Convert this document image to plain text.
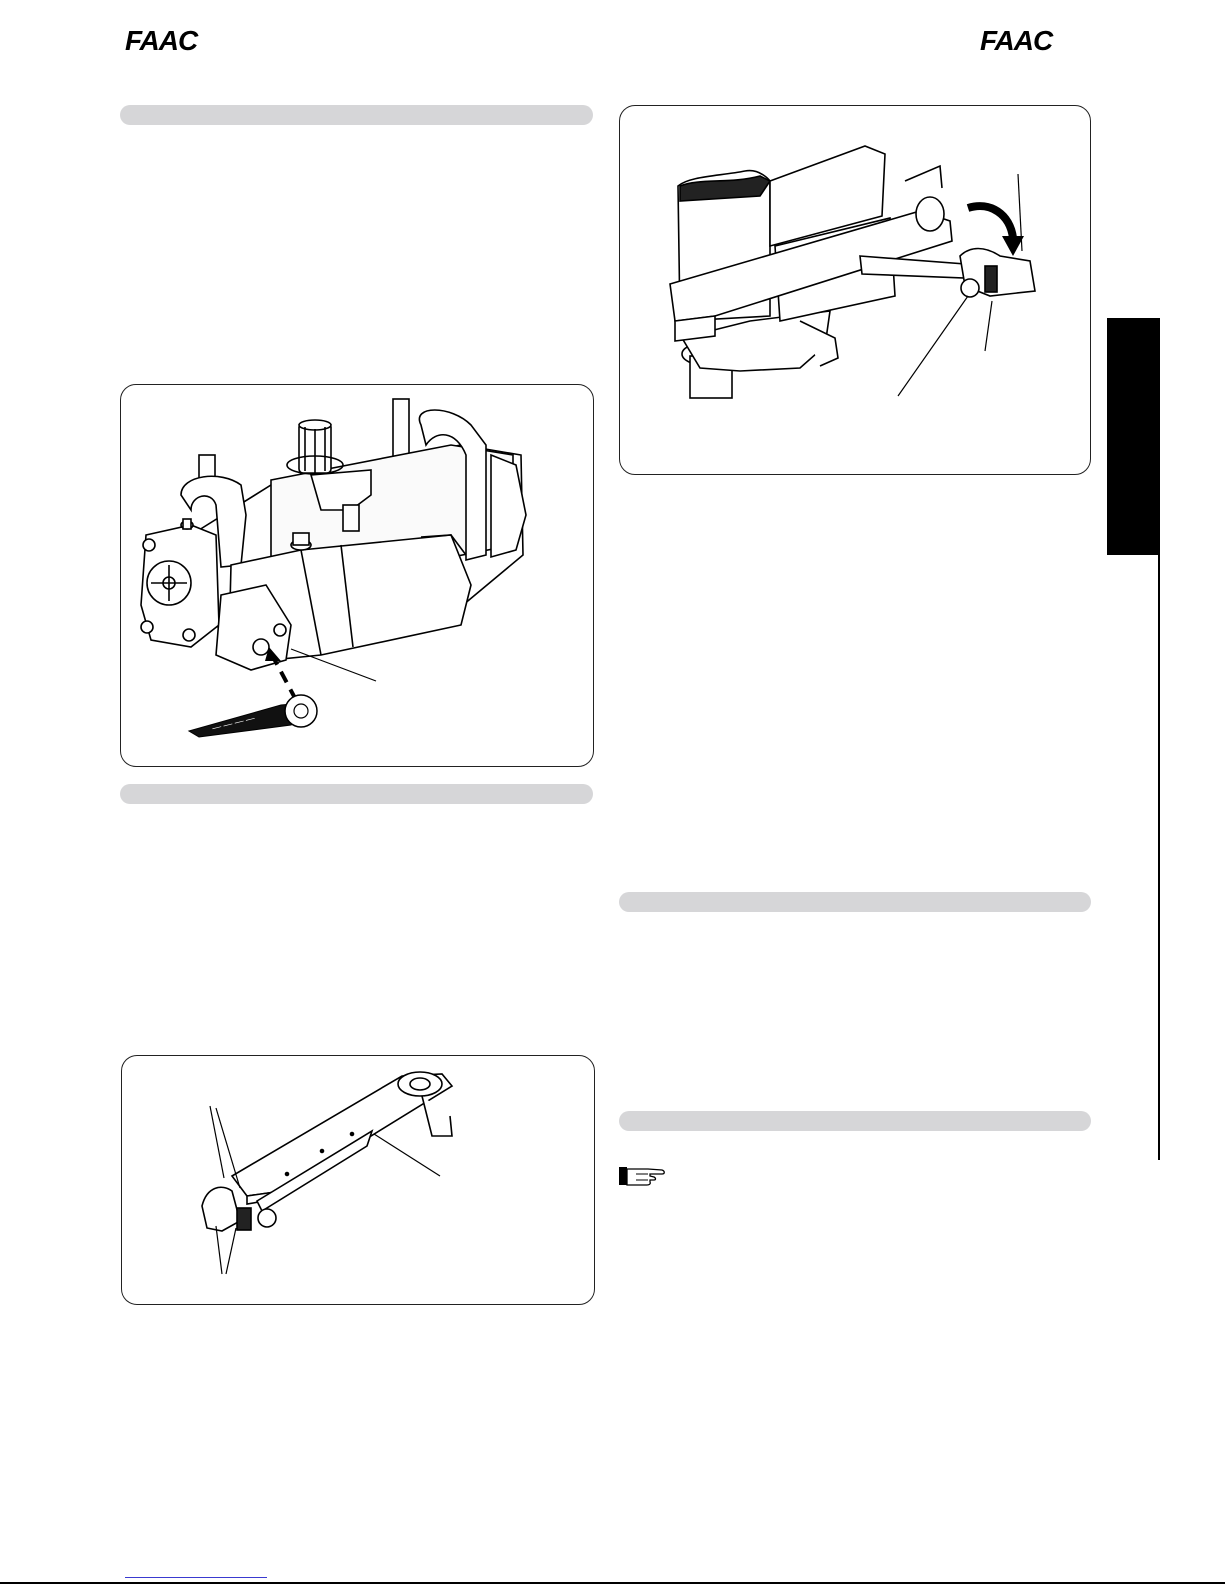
FAAC	FAAC
— — — —
